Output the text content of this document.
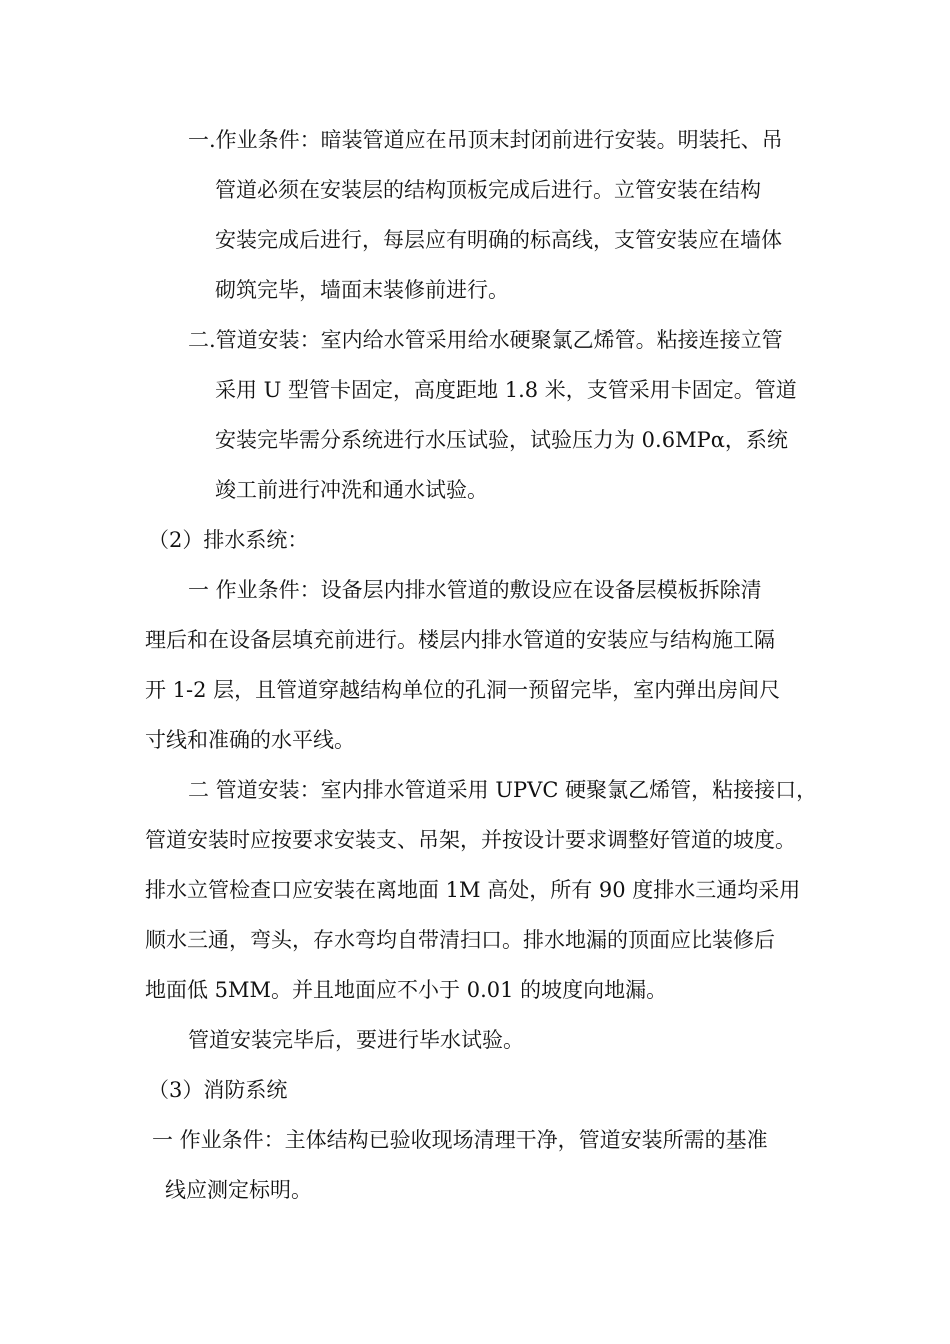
一.作业条件：暗装管道应在吊顶末封闭前进行安装。明装托、吊
管道必须在安装层的结构顶板完成后进行。立管安装在结构
安装完成后进行，每层应有明确的标高线，支管安装应在墙体
砌筑完毕，墙面末装修前进行。
二.管道安装：室内给水管采用给水硬聚氯乙烯管。粘接连接立管
采用 U 型管卡固定，高度距地 1.8 米，支管采用卡固定。管道
安装完毕需分系统进行水压试验，试验压力为 0.6MPα，系统
竣工前进行冲洗和通水试验。
（2）排水系统：
一 作业条件：设备层内排水管道的敷设应在设备层模板拆除清
理后和在设备层填充前进行。楼层内排水管道的安装应与结构施工隔
开 1-2 层，且管道穿越结构单位的孔洞一预留完毕，室内弹出房间尺
寸线和准确的水平线。
二 管道安装：室内排水管道采用 UPVC 硬聚氯乙烯管，粘接接口，
管道安装时应按要求安装支、吊架，并按设计要求调整好管道的坡度。
排水立管检查口应安装在离地面 1M 高处，所有 90 度排水三通均采用
顺水三通，弯头，存水弯均自带清扫口。排水地漏的顶面应比装修后
地面低 5MM。并且地面应不小于 0.01 的坡度向地漏。
管道安装完毕后，要进行毕水试验。
（3）消防系统
一 作业条件：主体结构已验收现场清理干净，管道安装所需的基准
线应测定标明。
